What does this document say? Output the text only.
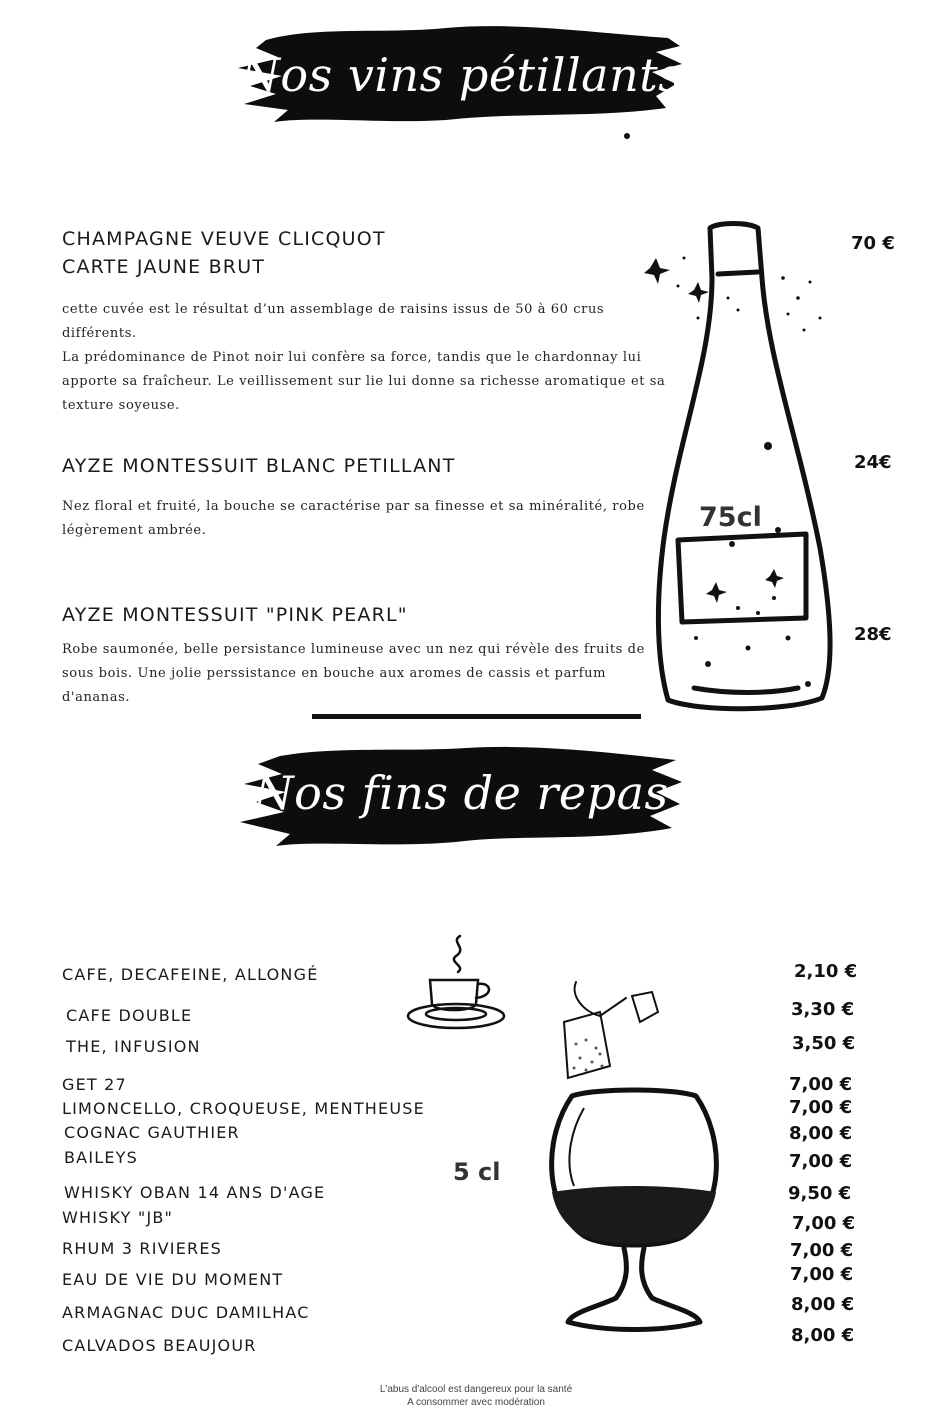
Nos vins pétillants
CHAMPAGNE VEUVE CLICQUOT
CARTE JAUNE BRUT
cette cuvée est le résultat d’un assemblage de raisins issus de 50 à 60 crus
différents.
La prédominance de Pinot noir lui confère sa force, tandis que le chardonnay lui
apporte sa fraîcheur. Le veillissement sur lie lui donne sa richesse aromatique et sa
texture soyeuse.
70 €
AYZE MONTESSUIT BLANC PETILLANT
Nez floral et fruité, la bouche se caractérise par sa finesse et sa minéralité, robe
légèrement ambrée.
24€
AYZE MONTESSUIT "PINK PEARL"
Robe saumonée, belle persistance lumineuse avec un nez qui révèle des fruits de
sous bois. Une jolie perssistance en bouche aux aromes de cassis et parfum
d'ananas.
28€
75cl
Nos fins de repas
5 cl
CAFE, DECAFEINE, ALLONGÉ	2,10 €
CAFE DOUBLE	3,30 €
THE, INFUSION	3,50 €
GET 27	7,00 €
LIMONCELLO, CROQUEUSE, MENTHEUSE	7,00 €
COGNAC GAUTHIER	8,00 €
BAILEYS	7,00 €
WHISKY OBAN 14 ANS D'AGE	9,50 €
WHISKY "JB"	7,00 €
RHUM 3 RIVIERES	7,00 €
EAU DE VIE DU MOMENT	7,00 €
ARMAGNAC DUC DAMILHAC	8,00 €
CALVADOS BEAUJOUR	8,00 €
L'abus d'alcool est dangereux pour la santé
A consommer avec modération
